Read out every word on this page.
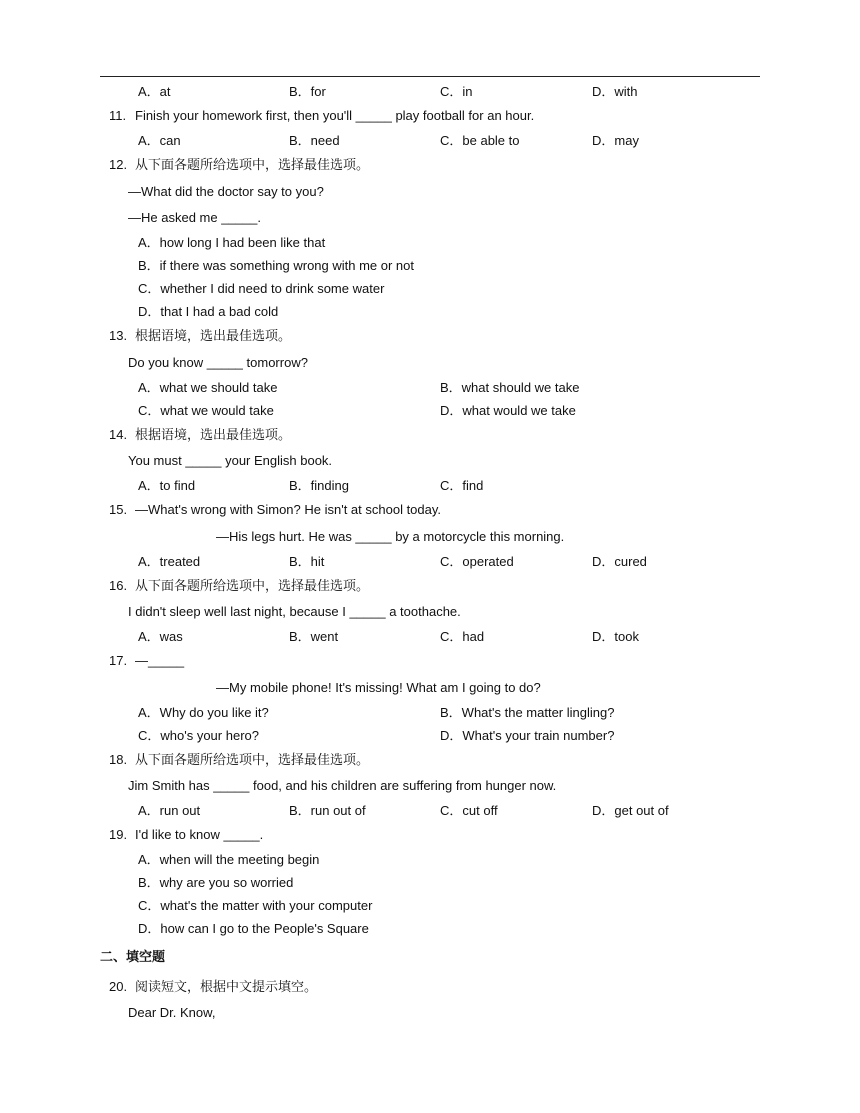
A．at	B．for	C．in	D．with
11. Finish your homework first, then you'll _____ play football for an hour.
A．can	B．need	C．be able to	D．may
12. 从下面各题所给选项中，选择最佳选项。
—What did the doctor say to you?
—He asked me _____.
A．how long I had been like that
B．if there was something wrong with me or not
C．whether I did need to drink some water
D．that I had a bad cold
13. 根据语境，选出最佳选项。
Do you know _____ tomorrow?
A．what we should take	B．what should we take
C．what we would take	D．what would we take
14. 根据语境，选出最佳选项。
You must _____ your English book.
A．to find	B．finding	C．find
15. —What's wrong with Simon? He isn't at school today.
—His legs hurt. He was _____ by a motorcycle this morning.
A．treated	B．hit	C．operated	D．cured
16. 从下面各题所给选项中，选择最佳选项。
I didn't sleep well last night, because I _____ a toothache.
A．was	B．went	C．had	D．took
17. —_____
—My mobile phone! It's missing! What am I going to do?
A．Why do you like it?	B．What's the matter lingling?
C．who's your hero?	D．What's your train number?
18. 从下面各题所给选项中，选择最佳选项。
Jim Smith has _____ food, and his children are suffering from hunger now.
A．run out	B．run out of	C．cut off	D．get out of
19. I'd like to know _____.
A．when will the meeting begin
B．why are you so worried
C．what's the matter with your computer
D．how can I go to the People's Square
二、填空题
20. 阅读短文，根据中文提示填空。
Dear Dr. Know,
